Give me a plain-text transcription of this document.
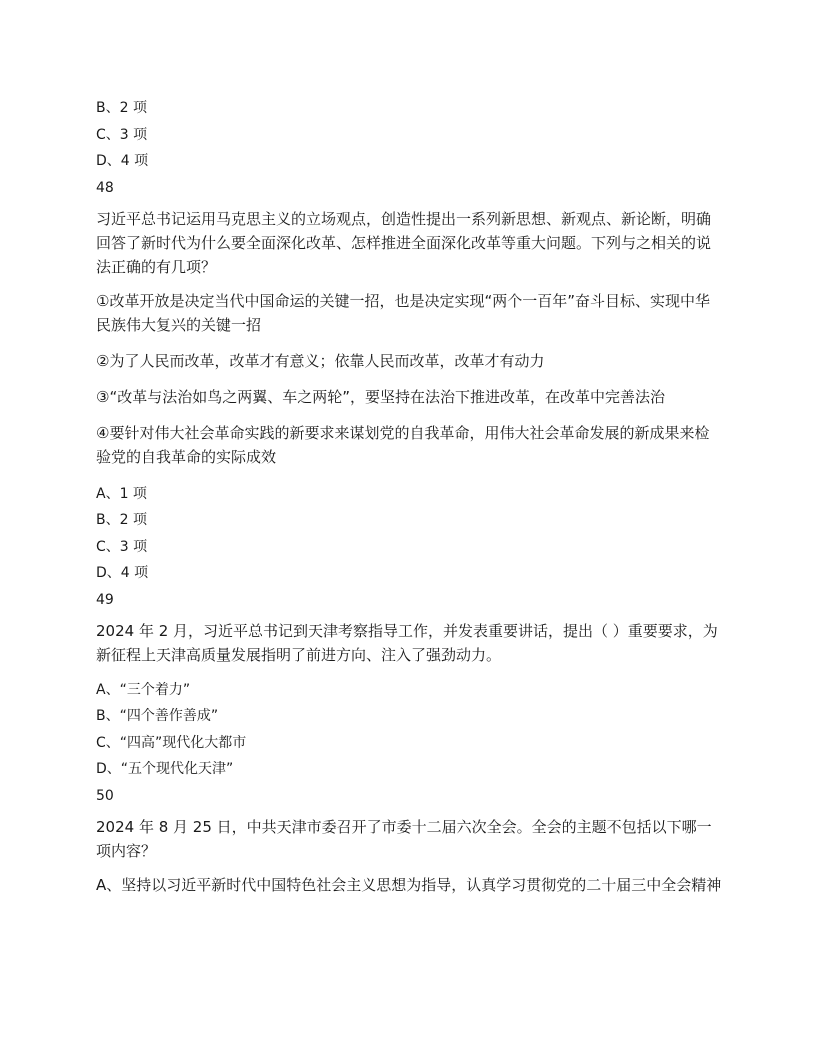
B、2 项
C、3 项
D、4 项
48

习近平总书记运用马克思主义的立场观点，创造性提出一系列新思想、新观点、新论断，明确回答了新时代为什么要全面深化改革、怎样推进全面深化改革等重大问题。下列与之相关的说法正确的有几项？

①改革开放是决定当代中国命运的关键一招，也是决定实现“两个一百年”奋斗目标、实现中华民族伟大复兴的关键一招

②为了人民而改革，改革才有意义；依靠人民而改革，改革才有动力

③“改革与法治如鸟之两翼、车之两轮”，要坚持在法治下推进改革，在改革中完善法治

④要针对伟大社会革命实践的新要求来谋划党的自我革命，用伟大社会革命发展的新成果来检验党的自我革命的实际成效

A、1 项
B、2 项
C、3 项
D、4 项
49

2024 年 2 月，习近平总书记到天津考察指导工作，并发表重要讲话，提出（ ）重要要求，为新征程上天津高质量发展指明了前进方向、注入了强劲动力。

A、“三个着力”
B、“四个善作善成”
C、“四高”现代化大都市
D、“五个现代化天津”
50

2024 年 8 月 25 日，中共天津市委召开了市委十二届六次全会。全会的主题不包括以下哪一项内容？

A、坚持以习近平新时代中国特色社会主义思想为指导，认真学习贯彻党的二十届三中全会精神
